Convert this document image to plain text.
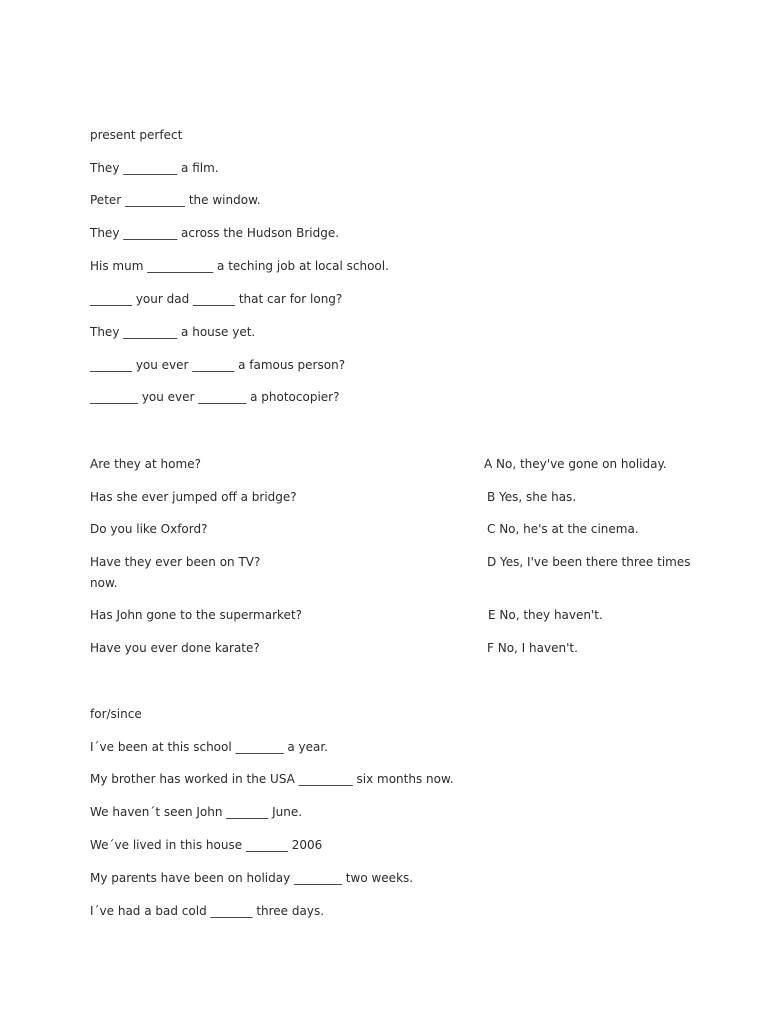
present perfect
They _________ a film.
Peter __________ the window.
They _________ across the Hudson Bridge.
His mum ___________ a teching job at local school.
_______ your dad _______ that car for long?
They _________ a house yet.
_______ you ever _______ a famous person?
________ you ever ________ a photocopier?
Are they at home?	A No, they've gone on holiday.
Has she ever jumped off a bridge?	B Yes, she has.
Do you like Oxford?	C No, he's at the cinema.
Have they ever been on TV?	D Yes, I've been there three times
now.
Has John gone to the supermarket?	E No, they haven't.
Have you ever done karate?	F No, I haven't.
for/since
I´ve been at this school ________ a year.
My brother has worked in the USA _________ six months now.
We haven´t seen John _______ June.
We´ve lived in this house _______ 2006
My parents have been on holiday ________ two weeks.
I´ve had a bad cold _______ three days.
